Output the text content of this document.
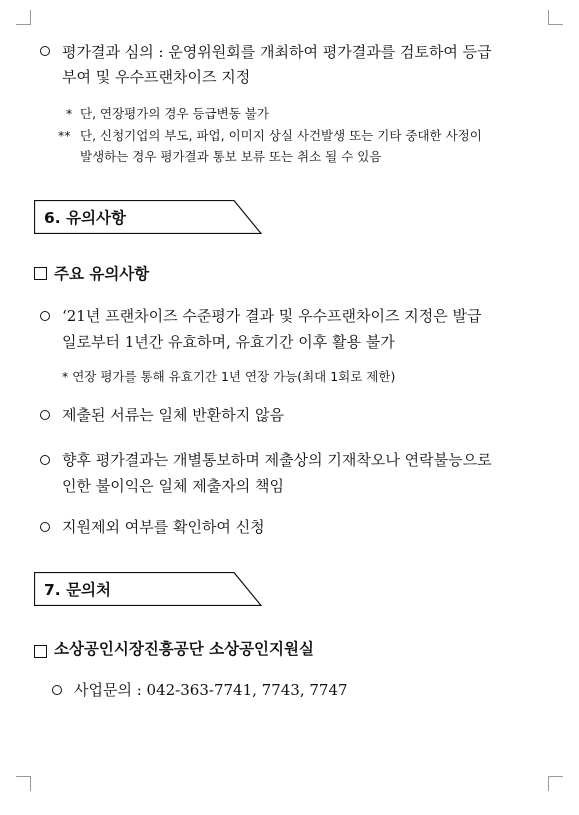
평가결과 심의 : 운영위원회를 개최하여 평가결과를 검토하여 등급
부여 및 우수프랜차이즈 지정
* 단, 연장평가의 경우 등급변동 불가
** 단, 신청기업의 부도, 파업, 이미지 상실 사건발생 또는 기타 중대한 사정이
발생하는 경우 평가결과 통보 보류 또는 취소 될 수 있음
6. 유의사항
주요 유의사항
‘21년 프랜차이즈 수준평가 결과 및 우수프랜차이즈 지정은 발급
일로부터 1년간 유효하며, 유효기간 이후 활용 불가
* 연장 평가를 통해 유효기간 1년 연장 가능(최대 1회로 제한)
제출된 서류는 일체 반환하지 않음
향후 평가결과는 개별통보하며 제출상의 기재착오나 연락불능으로
인한 불이익은 일체 제출자의 책임
지원제외 여부를 확인하여 신청
7. 문의처
소상공인시장진흥공단 소상공인지원실
사업문의 : 042-363-7741, 7743, 7747
